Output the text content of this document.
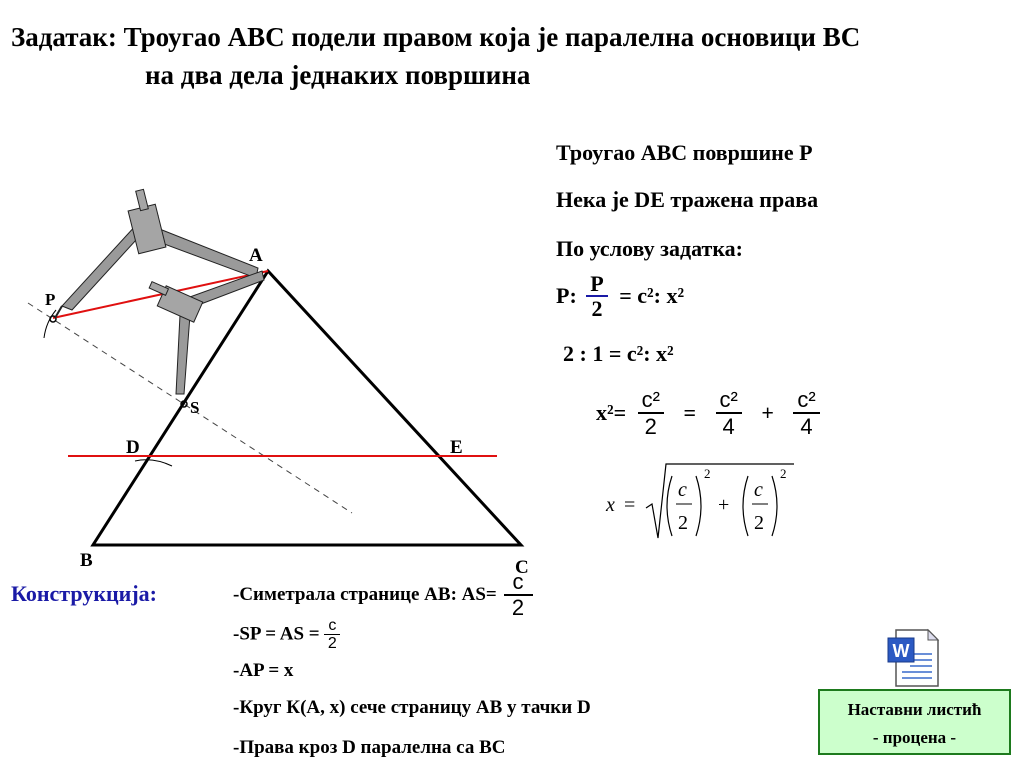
Задатак: Троугао АВС подели правом која је паралелна основици ВС
на два дела једнаких површина
A
P
S
D	E
B	C
Троугао АВС површине Р
Нека је DE тражена права
По услову задатка:
P: $\frac{P}{2} = c^2$: x²
2 : 1 = c²: x²
$x^2= \frac{\text{c²}}{2} = \frac{\text{c²}}{4} + \frac{\text{c²}}{4}$
x =
c
2
2
+
c
2
2
Конструкција:	-Симетрала странице АВ: $АS= \frac{c}{2}$
-SP = AS = $\frac{c}{2}$
-AP = x
-Круг К(А, x) сече страницу АВ у тачки D
-Права кроз D паралелна са ВС
W
Наставни листић
- процена -
